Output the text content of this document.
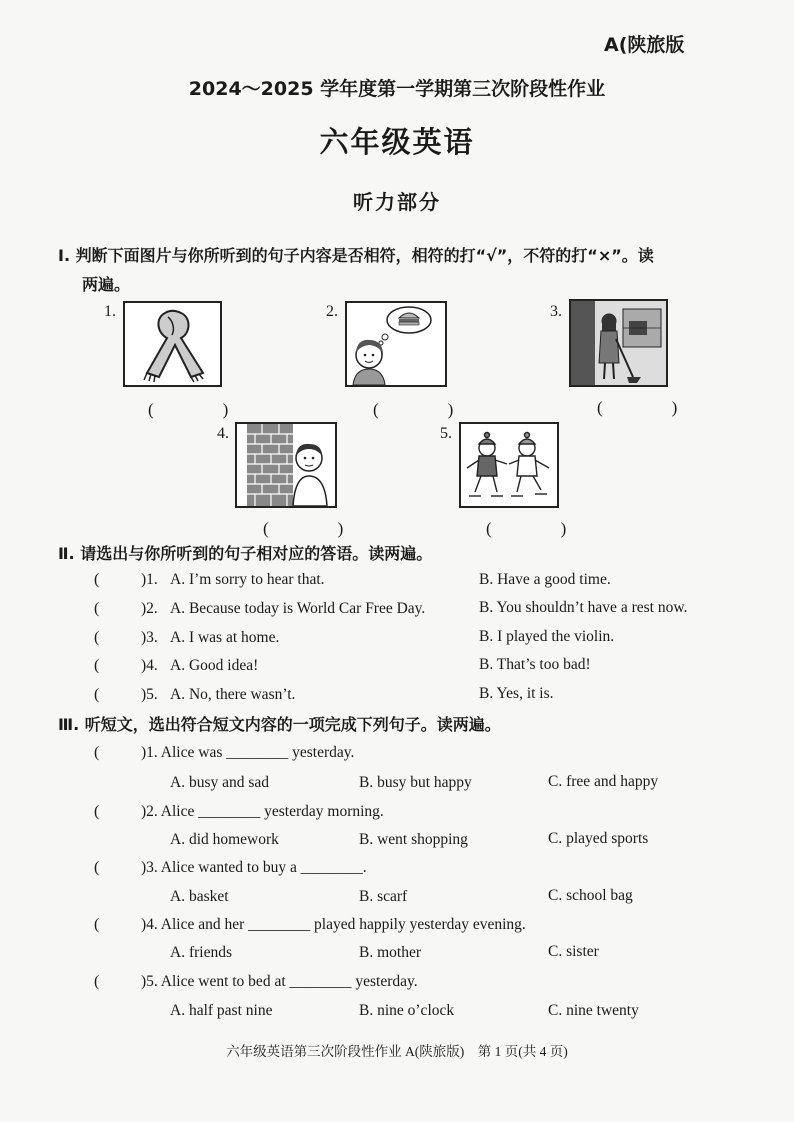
A(陕旅版
2024～2025 学年度第一学期第三次阶段性作业
六年级英语
听力部分
Ⅰ. 判断下面图片与你所听到的句子内容是否相符，相符的打“√”，不符的打“×”。读
两遍。
1.
(　)
2.
(　)
3.
(　)
4.
(　)
5.
(　)
Ⅱ. 请选出与你所听到的句子相对应的答语。读两遍。
(	)1. A. I’m sorry to hear that.	B. Have a good time.
(	)2. A. Because today is World Car Free Day.	B. You shouldn’t have a rest now.
(	)3. A. I was at home.	B. I played the violin.
(	)4. A. Good idea!	B. That’s too bad!
(	)5. A. No, there wasn’t.	B. Yes, it is.
Ⅲ. 听短文，选出符合短文内容的一项完成下列句子。读两遍。
(	)1. Alice was ________ yesterday.
A. busy and sad	B. busy but happy	C. free and happy
(	)2. Alice ________ yesterday morning.
A. did homework	B. went shopping	C. played sports
(	)3. Alice wanted to buy a ________.
A. basket	B. scarf	C. school bag
(	)4. Alice and her ________ played happily yesterday evening.
A. friends	B. mother	C. sister
(	)5. Alice went to bed at ________ yesterday.
A. half past nine	B. nine o’clock	C. nine twenty
六年级英语第三次阶段性作业 A(陕旅版)　第 1 页(共 4 页)
